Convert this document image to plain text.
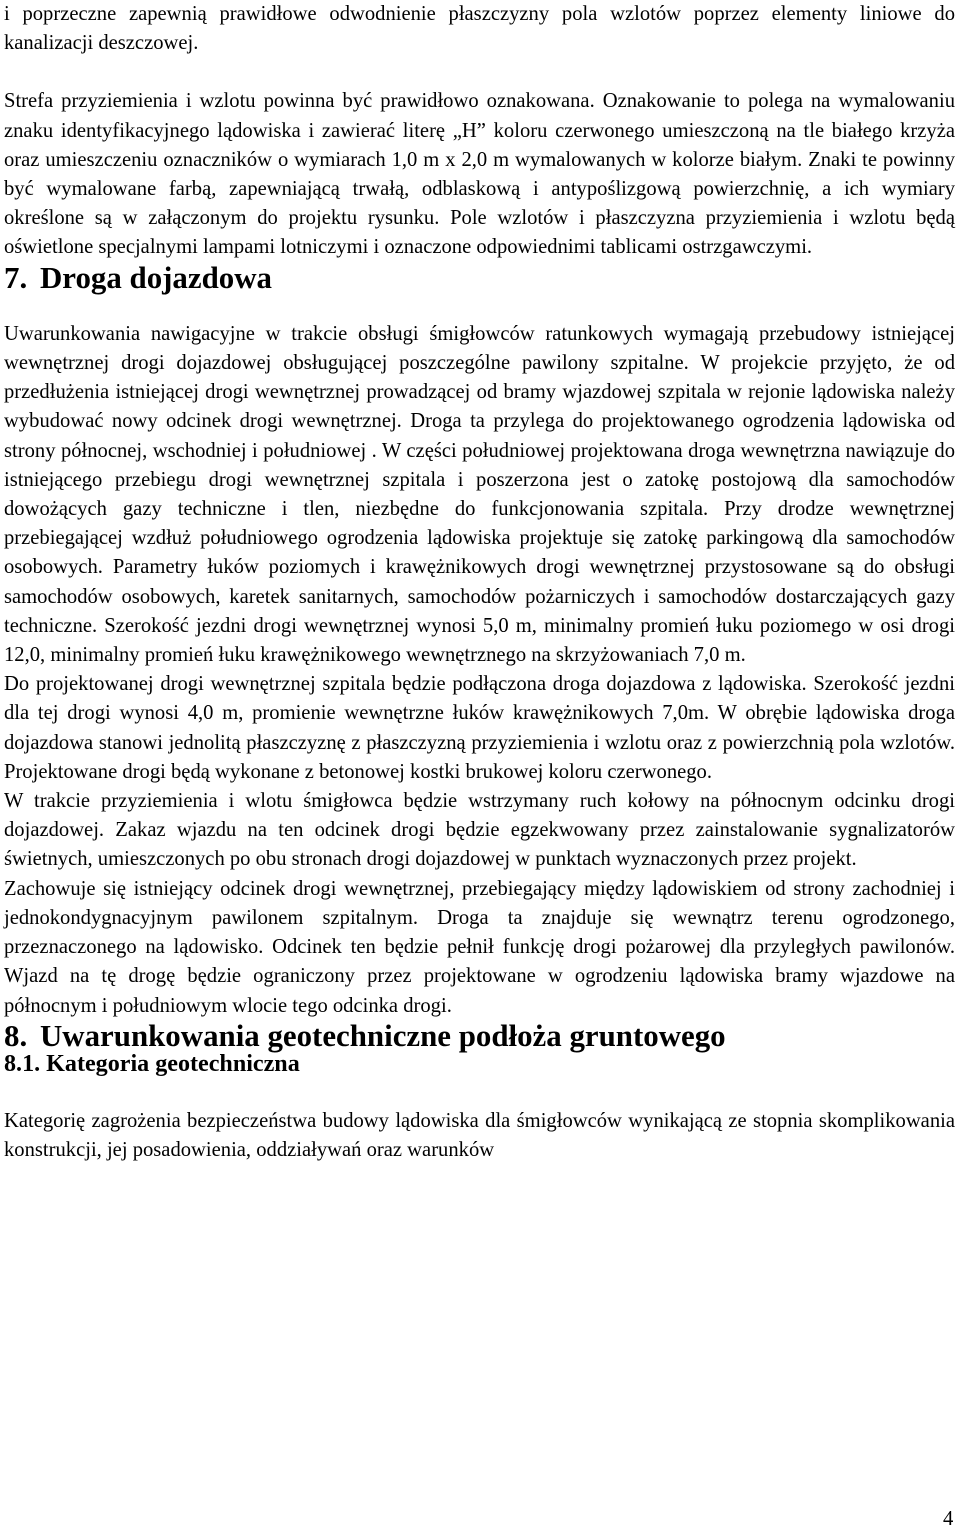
i poprzeczne zapewnią prawidłowe odwodnienie płaszczyzny pola wzlotów poprzez elementy liniowe do kanalizacji deszczowej.

Strefa przyziemienia i wzlotu powinna być prawidłowo oznakowana. Oznakowanie to polega na wymalowaniu znaku identyfikacyjnego lądowiska i zawierać literę „H” koloru czerwonego umieszczoną na tle białego krzyża oraz umieszczeniu oznaczników o wymiarach 1,0 m x 2,0 m wymalowanych w kolorze białym. Znaki te powinny być wymalowane farbą, zapewniającą trwałą, odblaskową i antypoślizgową powierzchnię, a ich wymiary określone są w załączonym do projektu rysunku. Pole wzlotów i płaszczyzna przyziemienia i wzlotu będą oświetlone specjalnymi lampami lotniczymi i oznaczone odpowiednimi tablicami ostrzgawczymi.

7. Droga dojazdowa

Uwarunkowania nawigacyjne w trakcie obsługi śmigłowców ratunkowych wymagają przebudowy istniejącej wewnętrznej drogi dojazdowej obsługującej poszczególne pawilony szpitalne. W projekcie przyjęto, że od przedłużenia istniejącej drogi wewnętrznej prowadzącej od bramy wjazdowej szpitala w rejonie lądowiska należy wybudować nowy odcinek drogi wewnętrznej. Droga ta przylega do projektowanego ogrodzenia lądowiska od strony północnej, wschodniej i południowej . W części południowej projektowana droga wewnętrzna nawiązuje do istniejącego przebiegu drogi wewnętrznej szpitala i poszerzona jest o zatokę postojową dla samochodów dowożących gazy techniczne i tlen, niezbędne do funkcjonowania szpitala. Przy drodze wewnętrznej przebiegającej wzdłuż południowego ogrodzenia lądowiska projektuje się zatokę parkingową dla samochodów osobowych. Parametry łuków poziomych i krawężnikowych drogi wewnętrznej przystosowane są do obsługi samochodów osobowych, karetek sanitarnych, samochodów pożarniczych i samochodów dostarczających gazy techniczne. Szerokość jezdni drogi wewnętrznej wynosi 5,0 m, minimalny promień łuku poziomego w osi drogi 12,0, minimalny promień łuku krawężnikowego wewnętrznego na skrzyżowaniach 7,0 m.

Do projektowanej drogi wewnętrznej szpitala będzie podłączona droga dojazdowa z lądowiska. Szerokość jezdni dla tej drogi wynosi 4,0 m, promienie wewnętrzne łuków krawężnikowych 7,0m. W obrębie lądowiska droga dojazdowa stanowi jednolitą płaszczyznę z płaszczyzną przyziemienia i wzlotu oraz z powierzchnią pola wzlotów. Projektowane drogi będą wykonane z betonowej kostki brukowej koloru czerwonego.

W trakcie przyziemienia i wlotu śmigłowca będzie wstrzymany ruch kołowy na północnym odcinku drogi dojazdowej. Zakaz wjazdu na ten odcinek drogi będzie egzekwowany przez zainstalowanie sygnalizatorów świetnych, umieszczonych po obu stronach drogi dojazdowej w punktach wyznaczonych przez projekt.

Zachowuje się istniejący odcinek drogi wewnętrznej, przebiegający między lądowiskiem od strony zachodniej i jednokondygnacyjnym pawilonem szpitalnym. Droga ta znajduje się wewnątrz terenu ogrodzonego, przeznaczonego na lądowisko. Odcinek ten będzie pełnił funkcję drogi pożarowej dla przyległych pawilonów. Wjazd na tę drogę będzie ograniczony przez projektowane w ogrodzeniu lądowiska bramy wjazdowe na północnym i południowym wlocie tego odcinka drogi.

8. Uwarunkowania geotechniczne podłoża gruntowego
8.1. Kategoria geotechniczna

Kategorię zagrożenia bezpieczeństwa budowy lądowiska dla śmigłowców wynikającą ze stopnia skomplikowania konstrukcji, jej posadowienia, oddziaływań oraz warunków

4
